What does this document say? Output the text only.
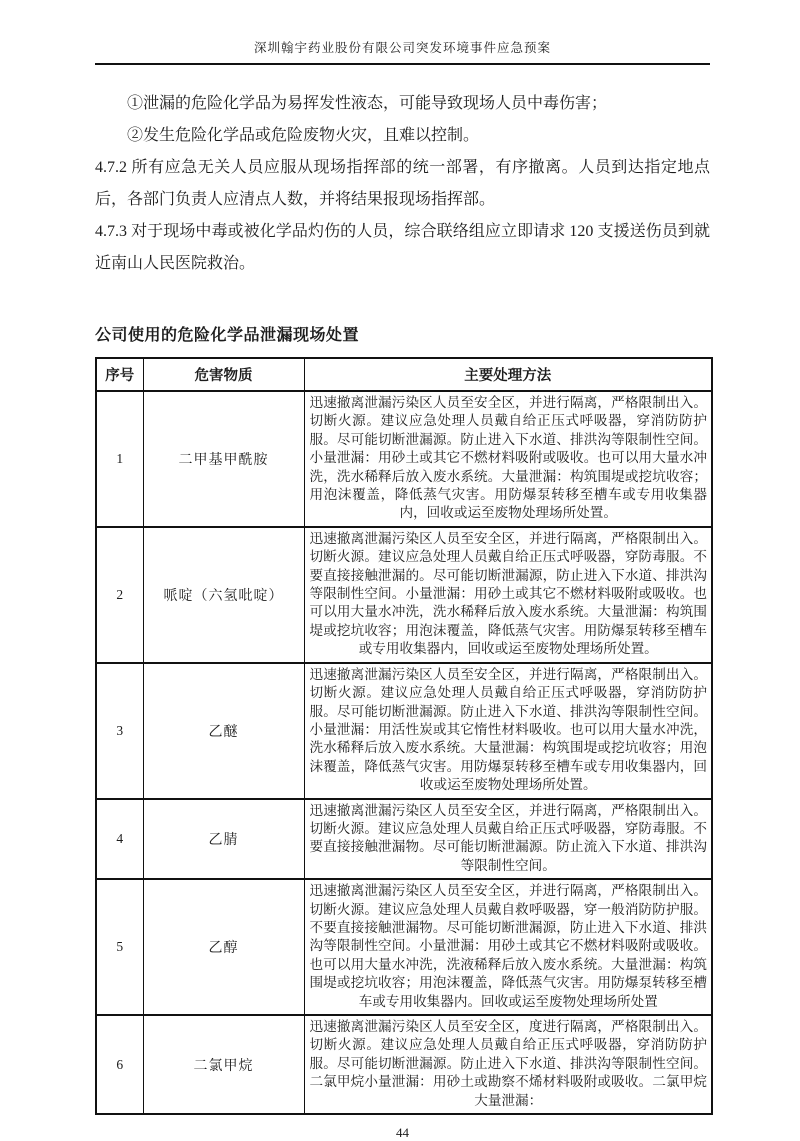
深圳翰宇药业股份有限公司突发环境事件应急预案

①泄漏的危险化学品为易挥发性液态，可能导致现场人员中毒伤害；

②发生危险化学品或危险废物火灾，且难以控制。

4.7.2 所有应急无关人员应服从现场指挥部的统一部署，有序撤离。人员到达指定地点后，各部门负责人应清点人数，并将结果报现场指挥部。

4.7.3 对于现场中毒或被化学品灼伤的人员，综合联络组应立即请求 120 支援送伤员到就近南山人民医院救治。

公司使用的危险化学品泄漏现场处置
序号	危害物质	主要处理方法
1	二甲基甲酰胺	迅速撤离泄漏污染区人员至安全区，并进行隔离，严格限制出入。切断火源。建议应急处理人员戴自给正压式呼吸器，穿消防防护服。尽可能切断泄漏源。防止进入下水道、排洪沟等限制性空间。小量泄漏：用砂土或其它不燃材料吸附或吸收。也可以用大量水冲洗，洗水稀释后放入废水系统。大量泄漏：构筑围堤或挖坑收容；用泡沫覆盖，降低蒸气灾害。用防爆泵转移至槽车或专用收集器内，回收或运至废物处理场所处置。
2	哌啶（六氢吡啶）	迅速撤离泄漏污染区人员至安全区，并进行隔离，严格限制出入。切断火源。建议应急处理人员戴自给正压式呼吸器，穿防毒服。不要直接接触泄漏的。尽可能切断泄漏源，防止进入下水道、排洪沟等限制性空间。小量泄漏：用砂土或其它不燃材料吸附或吸收。也可以用大量水冲洗，洗水稀释后放入废水系统。大量泄漏：构筑围堤或挖坑收容；用泡沫覆盖，降低蒸气灾害。用防爆泵转移至槽车或专用收集器内，回收或运至废物处理场所处置。
3	乙醚	迅速撤离泄漏污染区人员至安全区，并进行隔离，严格限制出入。切断火源。建议应急处理人员戴自给正压式呼吸器，穿消防防护服。尽可能切断泄漏源。防止进入下水道、排洪沟等限制性空间。小量泄漏：用活性炭或其它惰性材料吸收。也可以用大量水冲洗，洗水稀释后放入废水系统。大量泄漏：构筑围堤或挖坑收容；用泡沫覆盖，降低蒸气灾害。用防爆泵转移至槽车或专用收集器内，回收或运至废物处理场所处置。
4	乙腈	迅速撤离泄漏污染区人员至安全区，并进行隔离，严格限制出入。切断火源。建议应急处理人员戴自给正压式呼吸器，穿防毒服。不要直接接触泄漏物。尽可能切断泄漏源。防止流入下水道、排洪沟等限制性空间。
5	乙醇	迅速撤离泄漏污染区人员至安全区，并进行隔离，严格限制出入。切断火源。建议应急处理人员戴自救呼吸器，穿一般消防防护服。不要直接接触泄漏物。尽可能切断泄漏源，防止进入下水道、排洪沟等限制性空间。小量泄漏：用砂土或其它不燃材料吸附或吸收。也可以用大量水冲洗，洗液稀释后放入废水系统。大量泄漏：构筑围堤或挖坑收容；用泡沫覆盖，降低蒸气灾害。用防爆泵转移至槽车或专用收集器内。回收或运至废物处理场所处置
6	二氯甲烷	迅速撤离泄漏污染区人员至安全区，度进行隔离，严格限制出入。切断火源。建议应急处理人员戴自给正压式呼吸器，穿消防防护服。尽可能切断泄漏源。防止进入下水道、排洪沟等限制性空间。二氯甲烷小量泄漏：用砂土或勘察不烯材料吸附或吸收。二氯甲烷大量泄漏：
44
